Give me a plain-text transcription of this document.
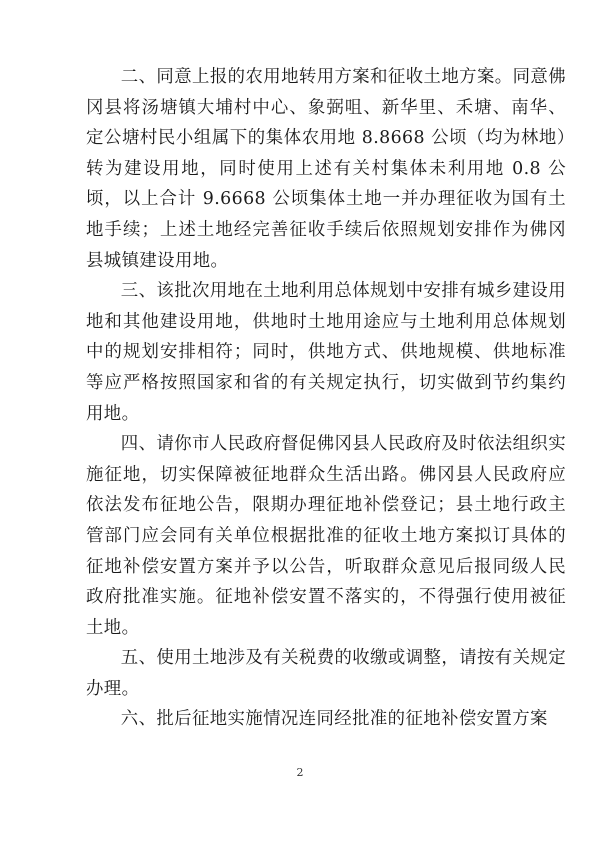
二、同意上报的农用地转用方案和征收土地方案。同意佛冈县将汤塘镇大埔村中心、象弼咀、新华里、禾塘、南华、定公塘村民小组属下的集体农用地 8.8668 公顷（均为林地）转为建设用地，同时使用上述有关村集体未利用地 0.8 公顷，以上合计 9.6668 公顷集体土地一并办理征收为国有土地手续；上述土地经完善征收手续后依照规划安排作为佛冈县城镇建设用地。

三、该批次用地在土地利用总体规划中安排有城乡建设用地和其他建设用地，供地时土地用途应与土地利用总体规划中的规划安排相符；同时，供地方式、供地规模、供地标准等应严格按照国家和省的有关规定执行，切实做到节约集约用地。

四、请你市人民政府督促佛冈县人民政府及时依法组织实施征地，切实保障被征地群众生活出路。佛冈县人民政府应依法发布征地公告，限期办理征地补偿登记；县土地行政主管部门应会同有关单位根据批准的征收土地方案拟订具体的征地补偿安置方案并予以公告，听取群众意见后报同级人民政府批准实施。征地补偿安置不落实的，不得强行使用被征土地。

五、使用土地涉及有关税费的收缴或调整，请按有关规定办理。

六、批后征地实施情况连同经批准的征地补偿安置方案

2
